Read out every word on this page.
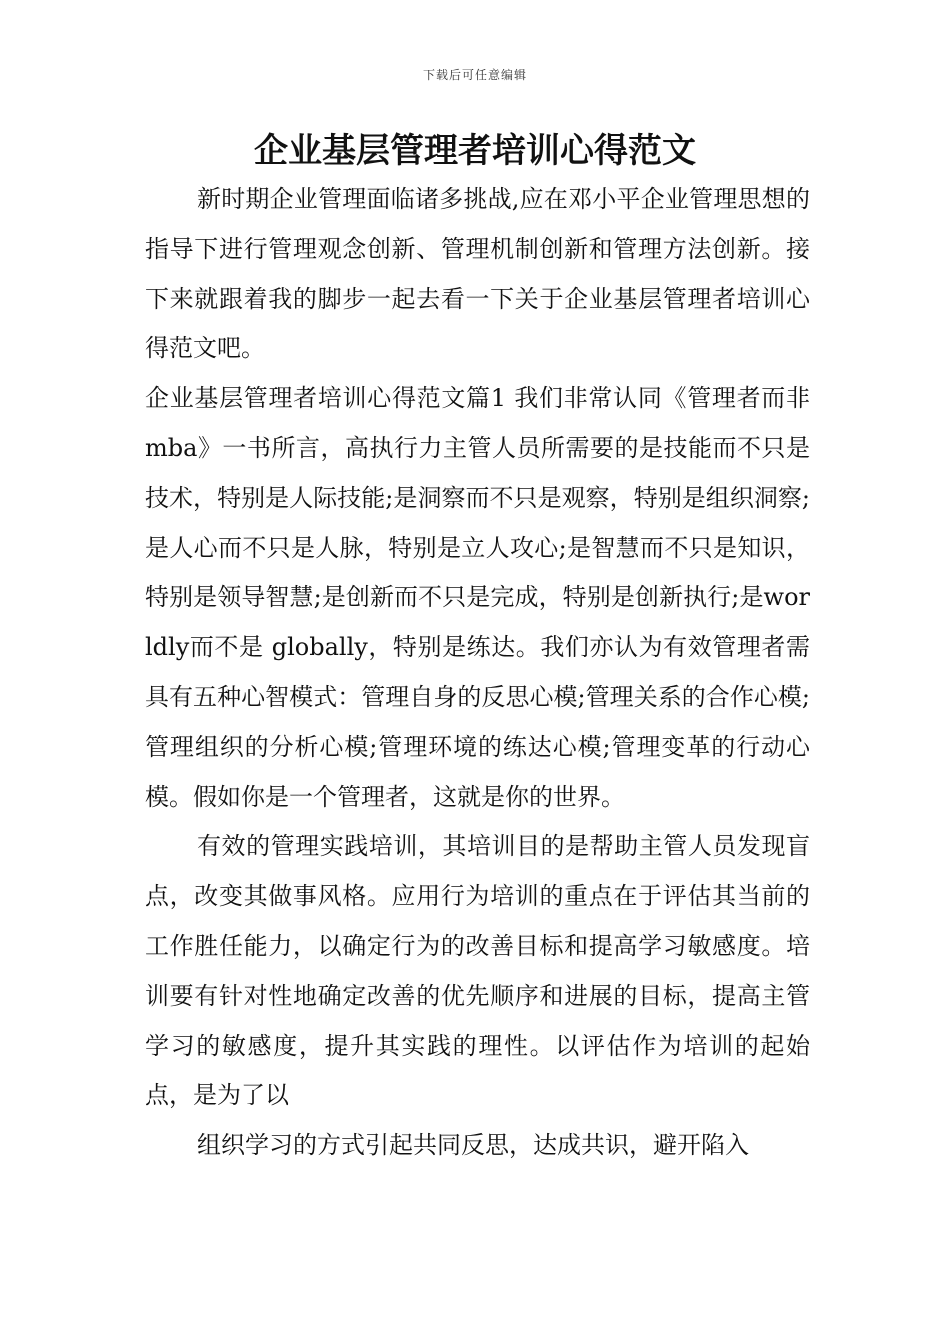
下载后可任意编辑
企业基层管理者培训心得范文

新时期企业管理面临诸多挑战,应在邓小平企业管理思想的指导下进行管理观念创新、管理机制创新和管理方法创新。接下来就跟着我的脚步一起去看一下关于企业基层管理者培训心得范文吧。

企业基层管理者培训心得范文篇1 我们非常认同《管理者而非mba》一书所言，高执行力主管人员所需要的是技能而不只是技术，特别是人际技能;是洞察而不只是观察，特别是组织洞察;是人心而不只是人脉，特别是立人攻心;是智慧而不只是知识，特别是领导智慧;是创新而不只是完成，特别是创新执行;是worldly而不是 globally，特别是练达。我们亦认为有效管理者需具有五种心智模式：管理自身的反思心模;管理关系的合作心模;管理组织的分析心模;管理环境的练达心模;管理变革的行动心模。假如你是一个管理者，这就是你的世界。

有效的管理实践培训，其培训目的是帮助主管人员发现盲点，改变其做事风格。应用行为培训的重点在于评估其当前的工作胜任能力，以确定行为的改善目标和提高学习敏感度。培训要有针对性地确定改善的优先顺序和进展的目标，提高主管学习的敏感度，提升其实践的理性。以评估作为培训的起始点，是为了以

组织学习的方式引起共同反思，达成共识，避开陷入
